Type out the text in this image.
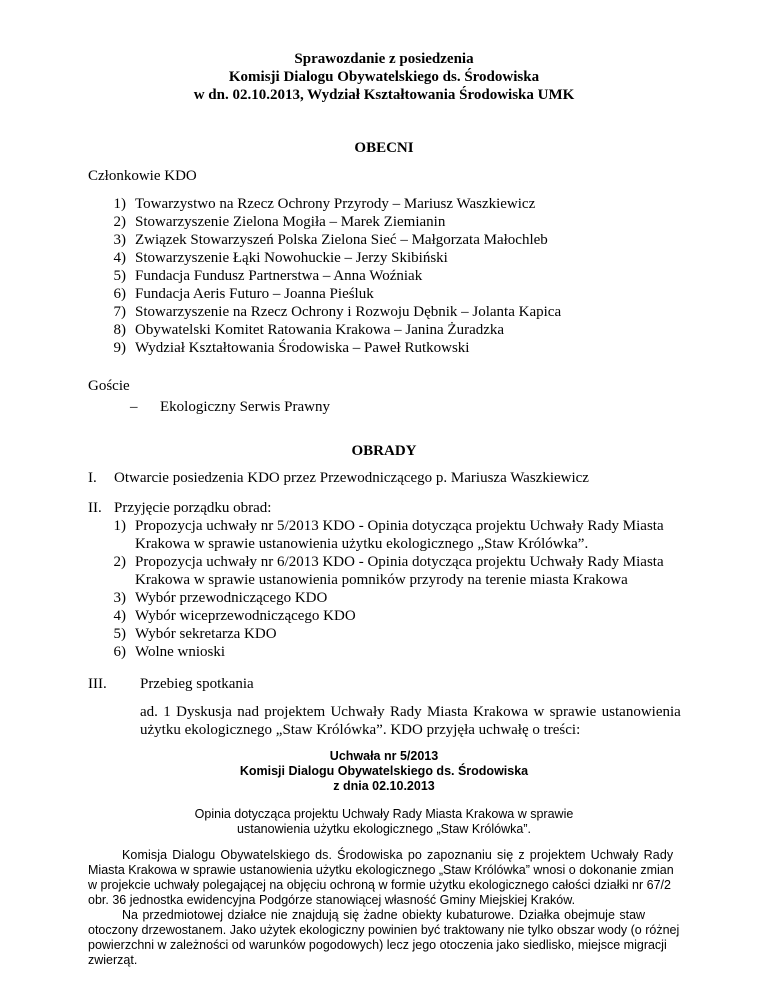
Sprawozdanie z posiedzenia
Komisji Dialogu Obywatelskiego ds. Środowiska
w dn. 02.10.2013, Wydział Kształtowania Środowiska UMK
OBECNI
Członkowie KDO
1) Towarzystwo na Rzecz Ochrony Przyrody – Mariusz Waszkiewicz
2) Stowarzyszenie Zielona Mogiła – Marek Ziemianin
3) Związek Stowarzyszeń Polska Zielona Sieć – Małgorzata Małochleb
4) Stowarzyszenie Łąki Nowohuckie – Jerzy Skibiński
5) Fundacja Fundusz Partnerstwa – Anna Woźniak
6) Fundacja Aeris Futuro – Joanna Pieśluk
7) Stowarzyszenie na Rzecz Ochrony i Rozwoju Dębnik – Jolanta Kapica
8) Obywatelski Komitet Ratowania Krakowa – Janina Żuradzka
9) Wydział Kształtowania Środowiska – Paweł Rutkowski
Goście
– Ekologiczny Serwis Prawny
OBRADY
I. Otwarcie posiedzenia KDO przez Przewodniczącego p. Mariusza Waszkiewicz
II. Przyjęcie porządku obrad:
1) Propozycja uchwały nr 5/2013 KDO - Opinia dotycząca projektu Uchwały Rady Miasta
Krakowa w sprawie ustanowienia użytku ekologicznego „Staw Królówka”.
2) Propozycja uchwały nr 6/2013 KDO - Opinia dotycząca projektu Uchwały Rady Miasta
Krakowa w sprawie ustanowienia pomników przyrody na terenie miasta Krakowa
3) Wybór przewodniczącego KDO
4) Wybór wiceprzewodniczącego KDO
5) Wybór sekretarza KDO
6) Wolne wnioski
III. Przebieg spotkania
ad. 1 Dyskusja nad projektem Uchwały Rady Miasta Krakowa w sprawie ustanowienia
użytku ekologicznego „Staw Królówka”. KDO przyjęła uchwałę o treści:
Uchwała nr 5/2013
Komisji Dialogu Obywatelskiego ds. Środowiska
z dnia 02.10.2013
Opinia dotycząca projektu Uchwały Rady Miasta Krakowa w sprawie
ustanowienia użytku ekologicznego „Staw Królówka”.
Komisja Dialogu Obywatelskiego ds. Środowiska po zapoznaniu się z projektem Uchwały Rady
Miasta Krakowa w sprawie ustanowienia użytku ekologicznego „Staw Królówka” wnosi o dokonanie zmian
w projekcie uchwały polegającej na objęciu ochroną w formie użytku ekologicznego całości działki nr 67/2
obr. 36 jednostka ewidencyjna Podgórze stanowiącej własność Gminy Miejskiej Kraków.
Na przedmiotowej działce nie znajdują się żadne obiekty kubaturowe. Działka obejmuje staw
otoczony drzewostanem. Jako użytek ekologiczny powinien być traktowany nie tylko obszar wody (o różnej
powierzchni w zależności od warunków pogodowych) lecz jego otoczenia jako siedlisko, miejsce migracji
zwierząt.
